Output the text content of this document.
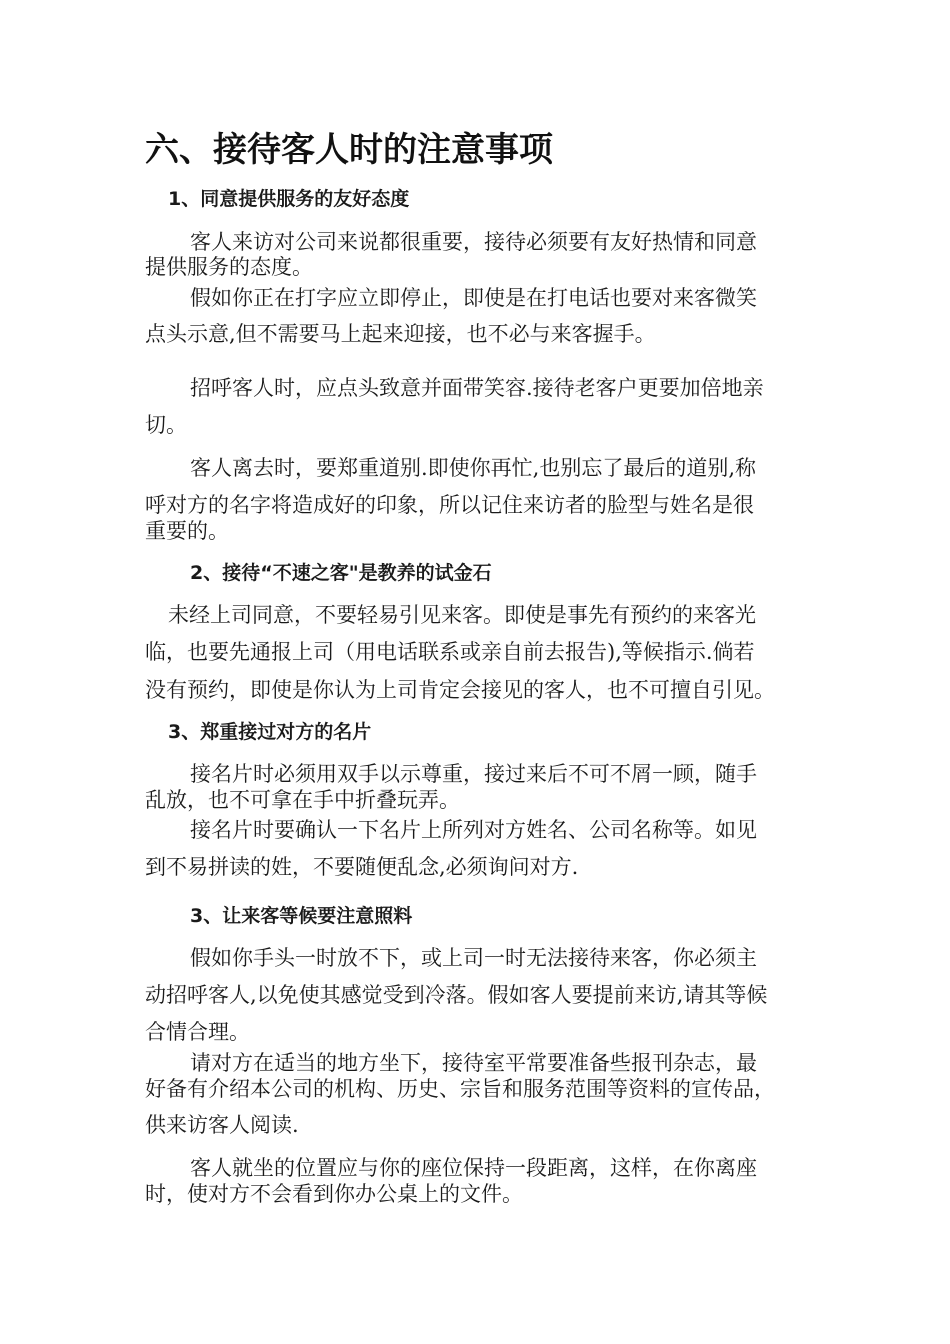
六、接待客人时的注意事项
1、同意提供服务的友好态度
客人来访对公司来说都很重要，接待必须要有友好热情和同意
提供服务的态度。
假如你正在打字应立即停止，即使是在打电话也要对来客微笑
点头示意,但不需要马上起来迎接，也不必与来客握手。
招呼客人时，应点头致意并面带笑容.接待老客户更要加倍地亲
切。
客人离去时，要郑重道别.即使你再忙,也别忘了最后的道别,称
呼对方的名字将造成好的印象，所以记住来访者的脸型与姓名是很
重要的。
2、接待“不速之客"是教养的试金石
未经上司同意，不要轻易引见来客。即使是事先有预约的来客光
临，也要先通报上司（用电话联系或亲自前去报告),等候指示.倘若
没有预约，即使是你认为上司肯定会接见的客人，也不可擅自引见。
3、郑重接过对方的名片
接名片时必须用双手以示尊重，接过来后不可不屑一顾，随手
乱放，也不可拿在手中折叠玩弄。
接名片时要确认一下名片上所列对方姓名、公司名称等。如见
到不易拼读的姓，不要随便乱念,必须询问对方.
3、让来客等候要注意照料
假如你手头一时放不下，或上司一时无法接待来客，你必须主
动招呼客人,以免使其感觉受到冷落。假如客人要提前来访,请其等候
合情合理。
请对方在适当的地方坐下，接待室平常要准备些报刊杂志，最
好备有介绍本公司的机构、历史、宗旨和服务范围等资料的宣传品，
供来访客人阅读.
客人就坐的位置应与你的座位保持一段距离，这样，在你离座
时，使对方不会看到你办公桌上的文件。
